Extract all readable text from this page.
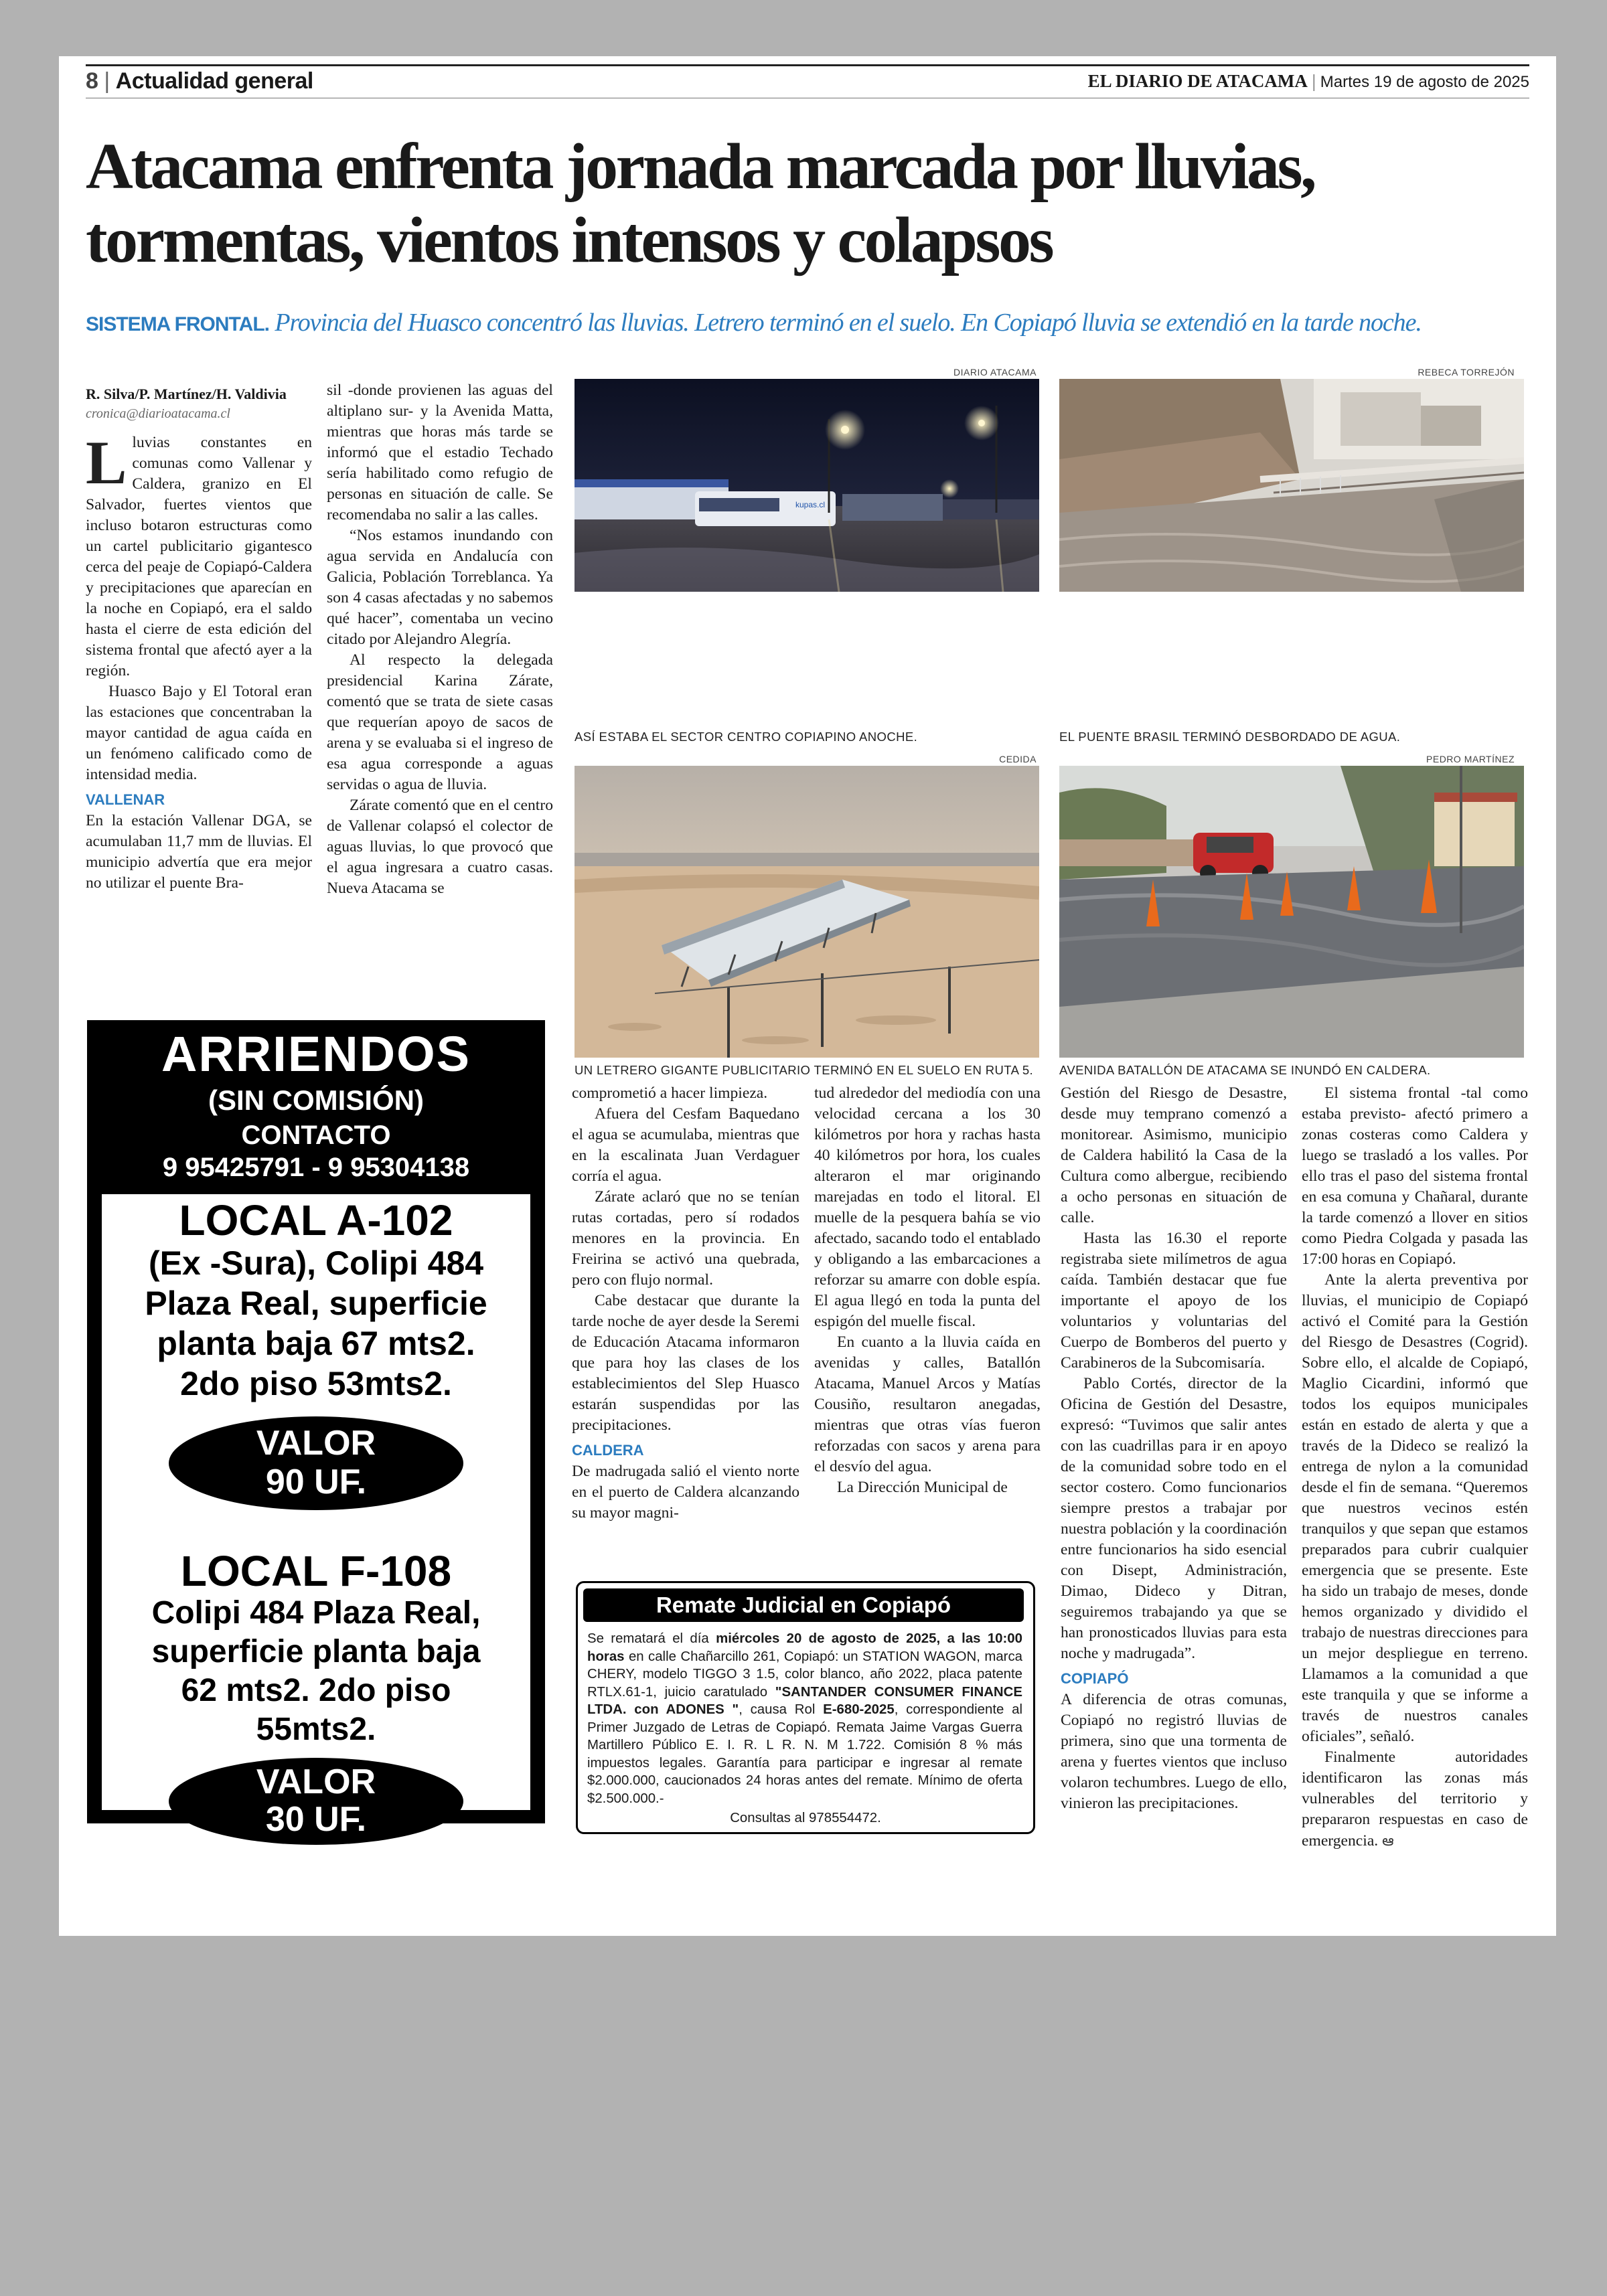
8 | Actualidad general	EL DIARIO DE ATACAMA | Martes 19 de agosto de 2025
Atacama enfrenta jornada marcada por lluvias,
tormentas, vientos intensos y colapsos
SISTEMA FRONTAL. Provincia del Huasco concentró las lluvias. Letrero terminó en el suelo. En Copiapó lluvia se extendió en la tarde noche.
R. Silva/P. Martínez/H. Valdivia
cronica@diarioatacama.cl

L luvias constantes en comunas como Vallenar y Caldera, granizo en El Salvador, fuertes vientos que incluso botaron estructuras como un cartel publicitario gigantesco cerca del peaje de Copiapó-Caldera y precipitaciones que aparecían en la noche en Copiapó, era el saldo hasta el cierre de esta edición del sistema frontal que afectó ayer a la región.

Huasco Bajo y El Totoral eran las estaciones que concentraban la mayor cantidad de agua caída en un fenómeno calificado como de intensidad media.

VALLENAR

En la estación Vallenar DGA, se acumulaban 11,7 mm de lluvias. El municipio advertía que era mejor no utilizar el puente Bra-

sil -donde provienen las aguas del altiplano sur- y la Avenida Matta, mientras que horas más tarde se informó que el estadio Techado sería habilitado como refugio de personas en situación de calle. Se recomendaba no salir a las calles.

“Nos estamos inundando con agua servida en Andalucía con Galicia, Población Torreblanca. Ya son 4 casas afectadas y no sabemos qué hacer”, comentaba un vecino citado por Alejandro Alegría.

Al respecto la delegada presidencial Karina Zárate, comentó que se trata de siete casas que requerían apoyo de sacos de arena y se evaluaba si el ingreso de esa agua corresponde a aguas servidas o agua de lluvia.

Zárate comentó que en el centro de Vallenar colapsó el colector de aguas lluvias, lo que provocó que el agua ingresara a cuatro casas. Nueva Atacama se

DIARIO ATACAMA
kupas.cl
ASÍ ESTABA EL SECTOR CENTRO COPIAPINO ANOCHE.
REBECA TORREJÓN
EL PUENTE BRASIL TERMINÓ DESBORDADO DE AGUA.
CEDIDA
UN LETRERO GIGANTE PUBLICITARIO TERMINÓ EN EL SUELO EN RUTA 5.
PEDRO MARTÍNEZ
AVENIDA BATALLÓN DE ATACAMA SE INUNDÓ EN CALDERA.
ARRIENDOS
(SIN COMISIÓN)
CONTACTO
9 95425791 - 9 95304138
LOCAL A-102
(Ex -Sura), Colipi 484
Plaza Real, superficie
planta baja 67 mts2.
2do piso 53mts2.
VALOR
90 UF.
LOCAL F-108
Colipi 484 Plaza Real,
superficie planta baja
62 mts2. 2do piso
55mts2.
VALOR
30 UF.

comprometió a hacer limpieza.

Afuera del Cesfam Baquedano el agua se acumulaba, mientras que en la escalinata Juan Verdaguer corría el agua.

Zárate aclaró que no se tenían rutas cortadas, pero sí rodados menores en la provincia. En Freirina se activó una quebrada, pero con flujo normal.

Cabe destacar que durante la tarde noche de ayer desde la Seremi de Educación Atacama informaron que para hoy las clases de los establecimientos del Slep Huasco estarán suspendidas por las precipitaciones.

CALDERA

De madrugada salió el viento norte en el puerto de Caldera alcanzando su mayor magni-

tud alrededor del mediodía con una velocidad cercana a los 30 kilómetros por hora y rachas hasta 40 kilómetros por hora, los cuales alteraron el mar originando marejadas en todo el litoral. El muelle de la pesquera bahía se vio afectado, sacando todo el entablado y obligando a las embarcaciones a reforzar su amarre con doble espía. El agua llegó en toda la punta del espigón del muelle fiscal.

En cuanto a la lluvia caída en avenidas y calles, Batallón Atacama, Manuel Arcos y Matías Cousiño, resultaron anegadas, mientras que otras vías fueron reforzadas con sacos y arena para el desvío del agua.

La Dirección Municipal de

Remate Judicial en Copiapó
Se rematará el día miércoles 20 de agosto de 2025, a las 10:00 horas en calle Chañarcillo 261, Copiapó: un STATION WAGON, marca CHERY, modelo TIGGO 3 1.5, color blanco, año 2022, placa patente RTLX.61-1, juicio caratulado "SANTANDER CONSUMER FINANCE LTDA. con ADONES ", causa Rol E-680-2025, correspondiente al Primer Juzgado de Letras de Copiapó. Remata Jaime Vargas Guerra Martillero Público E. I. R. L R. N. M 1.722. Comisión 8 % más impuestos legales. Garantía para participar e ingresar al remate $2.000.000, caucionados 24 horas antes del remate. Mínimo de oferta $2.500.000.-
Consultas al 978554472.

Gestión del Riesgo de Desastre, desde muy temprano comenzó a monitorear. Asimismo, municipio de Caldera habilitó la Casa de la Cultura como albergue, recibiendo a ocho personas en situación de calle.

Hasta las 16.30 el reporte registraba siete milímetros de agua caída. También destacar que fue importante el apoyo de los voluntarios y voluntarias del Cuerpo de Bomberos del puerto y Carabineros de la Subcomisaría.

Pablo Cortés, director de la Oficina de Gestión del Desastre, expresó: “Tuvimos que salir antes con las cuadrillas para ir en apoyo de la comunidad sobre todo en el sector costero. Como funcionarios siempre prestos a trabajar por nuestra población y la coordinación entre funcionarios ha sido esencial con Disept, Administración, Dimao, Dideco y Ditran, seguiremos trabajando ya que se han pronosticados lluvias para esta noche y madrugada”.

COPIAPÓ

A diferencia de otras comunas, Copiapó no registró lluvias de primera, sino que una tormenta de arena y fuertes vientos que incluso volaron techumbres. Luego de ello, vinieron las precipitaciones.

El sistema frontal -tal como estaba previsto- afectó primero a zonas costeras como Caldera y luego se trasladó a los valles. Por ello tras el paso del sistema frontal en esa comuna y Chañaral, durante la tarde comenzó a llover en sitios como Piedra Colgada y pasada las 17:00 horas en Copiapó.

Ante la alerta preventiva por lluvias, el municipio de Copiapó activó el Comité para la Gestión del Riesgo de Desastres (Cogrid). Sobre ello, el alcalde de Copiapó, Maglio Cicardini, informó que todos los equipos municipales están en estado de alerta y que a través de la Dideco se realizó la entrega de nylon a la comunidad desde el fin de semana. “Queremos que nuestros vecinos estén tranquilos y que sepan que estamos preparados para cubrir cualquier emergencia que se presente. Este ha sido un trabajo de meses, donde hemos organizado y dividido el trabajo de nuestras direcciones para un mejor despliegue en terreno. Llamamos a la comunidad a que este tranquila y que se informe a través de nuestros canales oficiales”, señaló.

Finalmente autoridades identificaron las zonas más vulnerables del territorio y prepararon respuestas en caso de emergencia. ఆ
